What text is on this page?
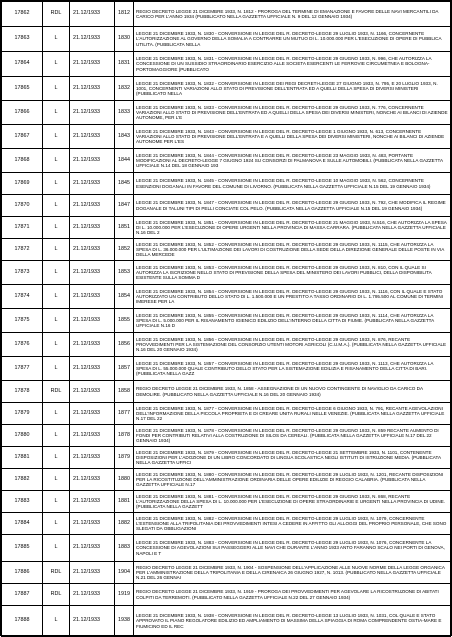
17862	RDL	21.12/1933	1812	REGIO DECRETO LEGGE 21 DICEMBRE 1933, N. 1812 - PROROGA DEL TERMINE DI EMANAZIONE E FAVORE DELLE NAVI MERCANTILI DA CARICO PER L'ANNO 1934 (PUBBLICATO NELLA GAZZETTA UFFICIALE N. 9 DEL 12 GENNAIO 1934)
17863	L	21.12/1933	1830	LEGGE 21 DICEMBRE 1933, N. 1830 - CONVERSIONE IN LEGGE DEL R. DECRETO-LEGGE 29 LUGLIO 1933, N. 1166, CONCERNENTE L'AUTORIZZAZIONE AL GOVERNO DELLA SOMALIA A CONTRARRE UN MUTUO DI L. 10.000.000 PER L'ESECUZIONE DI OPERE DI PUBBLICA UTILITA. (PUBBLICATA NELLA
17864	L	21.12/1933	1831	LEGGE 21 DICEMBRE 1933, N. 1831 - CONVERSIONE IN LEGGE DEL R. DECRETO-LEGGE 29 GIUGNO 1933, N. 996, CHE AUTORIZZA LA CONCESSIONE DI UN SUSSIDIO STRAORDINARIO ESERCIZIO ALLE SOCIETA ESERCENTI LE FERROVIE CIRCUMETNEA E BOLOGNA-PORTOMAGGIORE (PUBBLICATO
17865	L	21.12/1933	1832	LEGGE 21 DICEMBRE 1933, N. 1832 - CONVERSIONE IN LEGGE DEI REGI DECRETI-LEGGE 27 GIUGNO 1933, N. 795, E 20 LUGLIO 1933, N. 1001, CONCERNENTI VARIAZIONI ALLO STATO DI PREVISIONE DELL'ENTRATA ED A QUELLI DELLA SPESA DI DIVERSI MINISTERI (PUBBLICATO NELLA
17866	L	21.12/1933	1833	LEGGE 21 DICEMBRE 1933, N. 1833 - CONVERSIONE IN LEGGE DEL R. DECRETO-LEGGE 29 GIUGNO 1933, N. 776, CONCERNENTE VARIAZIONI ALLO STATO DI PREVISIONE DELL'ENTRATA ED A QUELLI DELLA SPESA DEI DIVERSI MINISTERI, NONCHE AI BILANCI DI AZIENDE AUTONOME, PER L'E
17867	L	21.12/1933	1843	LEGGE 21 DICEMBRE 1933, N. 1843 - CONVERSIONE IN LEGGE DEL R. DECRETO-LEGGE 1 GIUGNO 1933, N. 613, CONCERNENTE VARIAZIONI ALLO STATO DI PREVISIONE DELL'ENTRATA E A QUELLI DELLA SPESA DEI DIVERSI MINISTERI, NONCHE AI BILANCI DI AZIENDE AUTONOME PER L'ES
17868	L	21.12/1933	1844	LEGGE 21 DICEMBRE 1933, N. 1844 - CONVERSIONE IN LEGGE DEL R. DECRETO-LEGGE 23 MAGGIO 1933, N. 483, PORTANTE MODIFICAZIONI AL DECRETO-LEGGE 7 GIUGNO 1924 SU CONSORZI DI PALMANOVA E SULLE AUTOMOBILI. (PUBBLICATA NELLA GAZZETTA UFFICIALE N.14 DEL 18 GENNAIO 193
17869	L	21.12/1933	1845	LEGGE 21 DICEMBRE 1933, N. 1845 - CONVERSIONE IN LEGGE DEL R. DECRETO-LEGGE 10 MAGGIO 1933, N. 562, CONCERNENTE ESENZIONI DOGANALI IN FAVORE DEL COMUNE DI LIVORNO. (PUBBLICATA NELLA GAZZETTA UFFICIALE N.15 DEL 19 GENNAIO 1934)
17870	L	21.12/1933	1847	LEGGE 21 DICEMBRE 1933, N. 1847 - CONVERSIONE IN LEGGE DEL R. DECRETO-LEGGE 29 GIUGNO 1933, N. 792, CHE MODIFICA IL REGIME DOGANALE DI TALUNI TIPI DI PELLI CONCIATE COL PELO. (PUBBLICATA NELLA GAZZETTA UFFICIALE N.15 DEL 19 GENNAIO 1934)
17871	L	21.12/1933	1851	LEGGE 21 DICEMBRE 1933, N. 1851 - CONVERSIONE IN LEGGE DEL R. DECRETO-LEGGE 21 MAGGIO 1933, N.516, CHE AUTORIZZA LA SPESA DI L. 10.000.000 PER L'ESECUZIONE DI OPERE URGENTI NELLA PROVINCIA DI MASSA CARRARA. (PUBBLICATA NELLA GAZZETTA UFFICIALE N.16 DEL 2
17872	L	21.12/1933	1852	LEGGE 21 DICEMBRE 1933, N. 1852 - CONVERSIONE IN LEGGE DEL R. DECRETO-LEGGE 29 GIUGNO 1933, N. 1115, CHE AUTORIZZA LA SPESA DI L. 36.000.000 PER L'ULTIMAZIONE DEI LAVORI DI COSTRUZIONE DELLA SEDE DELLA DIREZIONE GENERALE DELLE POSTE IN VIA DELLA MERCEDE
17873	L	21.12/1933	1853	LEGGE 21 DICEMBRE 1933, N. 1853 - CONVERSIONE IN LEGGE DEL R. DECRETO-LEGGE 29 GIUGNO 1933, N. 810, CON IL QUALE SI AUTORIZZA LA ISCRIZIONE NELLO STATO DI PREVISIONE DELLA SPESA DEL MINISTERO DEI LAVORI PUBBLICI, DELLA DISPONIBILITA ESISTENTE SULLA SOMMA D
17874	L	21.12/1933	1854	LEGGE 21 DICEMBRE 1933, N. 1854 - CONVERSIONE IN LEGGE DEL R. DECRETO-LEGGE 29 GIUGNO 1933, N. 1116, CON IL QUALE E STATO AUTORIZZATO UN CONTRIBUTO DELLO STATO DI L. 1.500.000 E UN PRESTITO A TASSO ORDINARIO DI L. 1.795.500 AL COMUNE DI TERMINI IMERESE PER LA
17875	L	21.12/1933	1855	LEGGE 21 DICEMBRE 1933, N. 1855 - CONVERSIONE IN LEGGE DEL R. DECRETO-LEGGE 29 GIUGNO 1933, N. 1114, CHE AUTORIZZA LA SPESA DI L. 5.000.000 PER IL RISANAMENTO IGIENICO EDILIZIO DELL'INTERNO DELLA CITTA DI FIUME. (PUBBLICATA NELLA GAZZETTA UFFICIALE N.16 D
17876	L	21.12/1933	1856	LEGGE 21 DICEMBRE 1933, N. 1856 - CONVERSIONE IN LEGGE DEL R. DECRETO-LEGGE 29 GIUGNO 1933, N. 876, RECANTE PROVVEDIMENTI PER LA SISTEMAZIONE DEL CONSORZIO UTENTI MOTORI AGRICOLI (C.U.M.A.). (PUBBLICATA NELLA GAZZETTA UFFICIALE N.16 DEL 20 GENNAIO 1934)
17877	L	21.12/1933	1857	LEGGE 21 DICEMBRE 1933, N. 1857 - CONVERSIONE IN LEGGE DEL R. DECRETO-LEGGE 29 GIUGNO 1933, N. 1113, CHE AUTORIZZA LA SPESA DI L. 55.000.000 QUALE CONTRIBUTO DELLO STATO PER LA SISTEMAZIONE EDILIZIA E RISANAMENTO DELLA CITTA DI BARI. (PUBBLICATA NELLA GAZZ
17878	RDL	21.12/1933	1858	REGIO DECRETO LEGGE 21 DICEMBRE 1933, N. 1858 - ASSEGNAZIONE DI UN NUOVO CONTINGENTE DI NAVIGLIO DA CARICO DA DEMOLIRE. (PUBBLICATO NELLA GAZZETTA UFFICIALE N.16 DEL 20 GENNAIO 1934)
17879	L	21.12/1933	1877	LEGGE 21 DICEMBRE 1933, N. 1877 - CONVERSIONE IN LEGGE DEL R. DECRETO-LEGGE 6 GIUGNO 1933, N. 791, RECANTE AGEVOLAZIONI DELL'INFORMAZIONE DELLA PICCOLA PROPRIETA E DI CREARE UNITA RURALI NELLE VENEZIE. (PUBBLICATA NELLA GAZZETTA UFFICIALE N.17 DEL 22
17880	L	21.12/1933	1878	LEGGE 21 DICEMBRE 1933, N. 1878 - CONVERSIONE IN LEGGE DEL R. DECRETO-LEGGE 29 GIUGNO 1933, N. 859 RECANTE AUMENTO DI FONDI PER CONTRIBUTI RELATIVI ALLA COSTRUZIONE DI SILOS DA CEREALI. (PUBBLICATA NELLA GAZZETTA UFFICIALE N.17 DEL 22 GENNAIO 1934)
17881	L	21.12/1933	1879	LEGGE 21 DICEMBRE 1933, N. 1879 - CONVERSIONE IN LEGGE DEL R. DECRETO-LEGGE 21 SETTEMBRE 1933, N. 1101, CONTENENTE DISPOSIZIONI PER L'ADOZIONE DI UN LIBRO CONCORDATO DI LINGUA SCOLASTICA NEGLI ISTITUTI DI ISTRUZIONE MEDIA. (PUBBLICATA NELLA GAZZETTA UFFICI
17882	L	21.12/1933	1880	LEGGE 21 DICEMBRE 1933, N. 1880 - CONVERSIONE IN LEGGE DEL R. DECRETO-LEGGE 29 LUGLIO 1933, N. 1201, RECANTE DISPOSIZIONI PER LA RICOSTITUZIONE DELL'AMMINISTRAZIONE ORDINARIA DELLE OPERE EDILIZIE DI REGGIO CALABRIA. (PUBBLICATA NELLA GAZZETTA UFFICIALE N.17
17883	L	21.12/1933	1881	LEGGE 21 DICEMBRE 1933, N. 1881 - CONVERSIONE IN LEGGE DEL R. DECRETO-LEGGE 29 GIUGNO 1933, N. 868, RECANTE L'AUTORIZZAZIONE DELLA SPESA DI L. 10.000.000 PER L'ESECUZIONE DI OPERE STRAORDINARIE E URGENTI NELLA PROVINCIA DI UDINE. (PUBBLICATA NELLA GAZZETT
17884	L	21.12/1933	1882	LEGGE 21 DICEMBRE 1933, N. 1882 - CONVERSIONE IN LEGGE DEL R. DECRETO-LEGGE 29 LUGLIO 1933, N. 1079, CONCERNENTE L'ESTENSIONE ALLA TRIPOLITANIA DEI PROVVEDIMENTI INTESI A CEDERE IN AFFITTO GLI ALLOGGI DEL PROPRIO PERSONALE, CHE SONO SLEGATI DA OBBLIGAZIONI
17885	L	21.12/1933	1883	LEGGE 21 DICEMBRE 1933, N. 1883 - CONVERSIONE IN LEGGE DEL R. DECRETO-LEGGE 29 LUGLIO 1933, N. 1076, CONCERNENTE LA CONCESSIONE DI AGEVOLAZIONI SUI PASSEGGERI ALLE NAVI CHE DURANTE L'ANNO 1933 ANTO FARANNO SCALO NEI PORTI DI GENOVA, NAPOLI E T
17886	RDL	21.12/1933	1904	REGIO DECRETO LEGGE 21 DICEMBRE 1933, N. 1904 - SOSPENSIONE DELL'APPLICAZIONE ALLE NUOVE NORME DELLA LEGGE ORGANICA PER L'AMMINISTRAZIONE DELLA TRIPOLITANIA E DELLA CIRENAICA 26 GIUGNO 1927, N. 1013. (PUBBLICATO NELLA GAZZETTA UFFICIALE N.21 DEL 26 GENNAI
17887	RDL	21.12/1933	1919	REGIO DECRETO LEGGE 21 DICEMBRE 1933, N. 1919 - PROROGA DEI PROVVEDIMENTI PER AGEVOLARE LA RICOSTRUZIONE DI ABITATI COLPITI DA TERREMOTI. (PUBBLICATO NELLA GAZZETTA UFFICIALE N.22 DEL 27 GENNAIO 1934)
17888	L	21.12/1933	1938	LEGGE 21 DICEMBRE 1933, N. 1938 - CONVERSIONE IN LEGGE DEL R. DECRETO-LEGGE 13 LUGLIO 1933, N. 1031, COL QUALE E STATO APPROVATO IL PIANO REGOLATORE EDILIZIO ED AMPLIAMENTO DI MASSIMA DELLA SPIAGGIA DI ROMA COMPRENDENTE OSTIA-MARE E FIUMICINO ED IL REC
